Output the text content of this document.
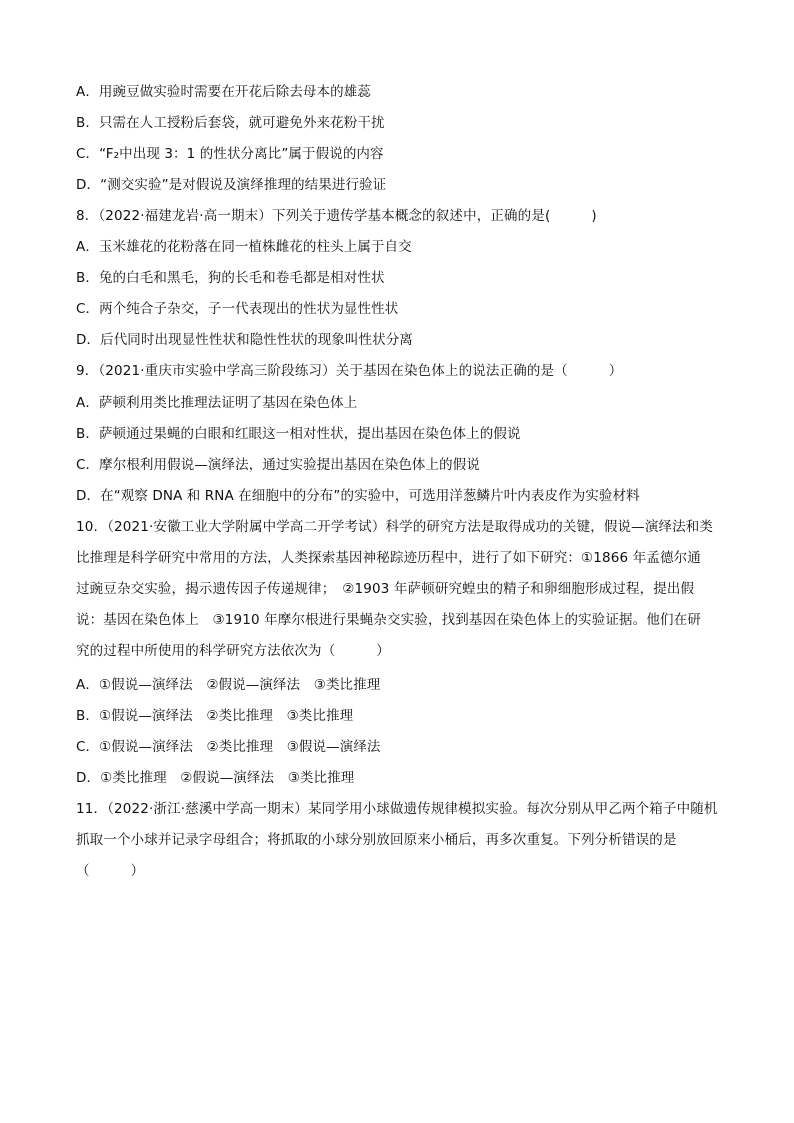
A．用豌豆做实验时需要在开花后除去母本的雄蕊
B．只需在人工授粉后套袋，就可避免外来花粉干扰
C．“F₂中出现 3：1 的性状分离比”属于假说的内容
D．“测交实验”是对假说及演绎推理的结果进行验证
8．（2022·福建龙岩·高一期末）下列关于遗传学基本概念的叙述中，正确的是(　　　)
A．玉米雄花的花粉落在同一植株雌花的柱头上属于自交
B．兔的白毛和黑毛，狗的长毛和卷毛都是相对性状
C．两个纯合子杂交，子一代表现出的性状为显性性状
D．后代同时出现显性性状和隐性性状的现象叫性状分离
9．（2021·重庆市实验中学高三阶段练习）关于基因在染色体上的说法正确的是（　　　）
A．萨顿利用类比推理法证明了基因在染色体上
B．萨顿通过果蝇的白眼和红眼这一相对性状，提出基因在染色体上的假说
C．摩尔根利用假说—演绎法，通过实验提出基因在染色体上的假说
D．在“观察 DNA 和 RNA 在细胞中的分布”的实验中，可选用洋葱鳞片叶内表皮作为实验材料
10．（2021·安徽工业大学附属中学高二开学考试）科学的研究方法是取得成功的关键，假说—演绎法和类
比推理是科学研究中常用的方法，人类探索基因神秘踪迹历程中，进行了如下研究：①1866 年孟德尔通
过豌豆杂交实验，揭示遗传因子传递规律；　②1903 年萨顿研究蝗虫的精子和卵细胞形成过程，提出假
说：基因在染色体上　③1910 年摩尔根进行果蝇杂交实验，找到基因在染色体上的实验证据。他们在研
究的过程中所使用的科学研究方法依次为（　　　）
A．①假说—演绎法　②假说—演绎法　③类比推理
B．①假说—演绎法　②类比推理　③类比推理
C．①假说—演绎法　②类比推理　③假说—演绎法
D．①类比推理　②假说—演绎法　③类比推理
11．（2022·浙江·慈溪中学高一期末）某同学用小球做遗传规律模拟实验。每次分别从甲乙两个箱子中随机
抓取一个小球并记录字母组合；将抓取的小球分别放回原来小桶后，再多次重复。下列分析错误的是
（　　　）
